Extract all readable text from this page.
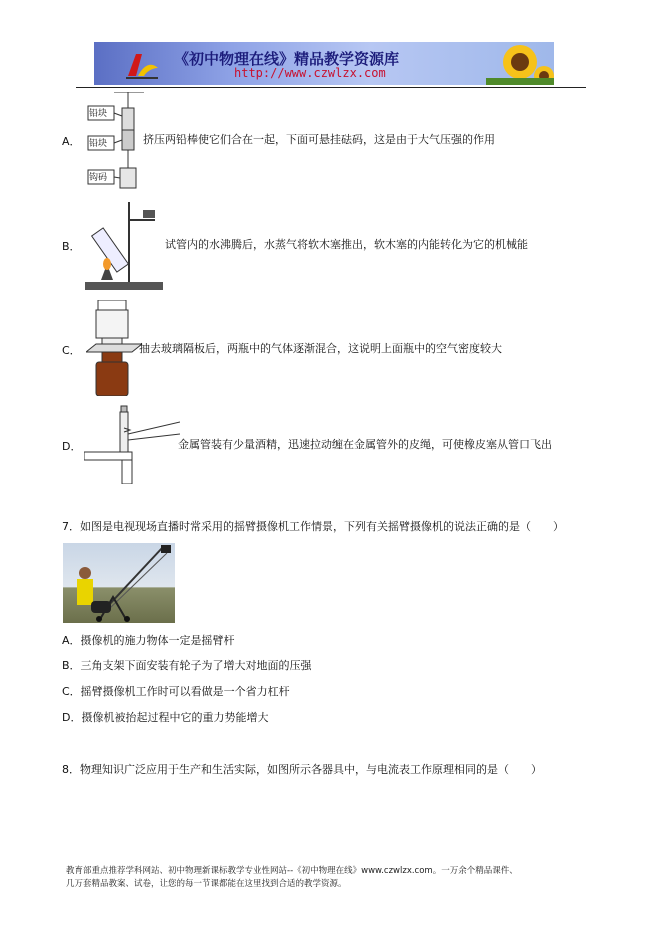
《初中物理在线》精品教学资源库
http://www.czwlzx.com
铅块
铅块
钩码
A．	挤压两铅棒使它们合在一起，下面可悬挂砝码，这是由于大气压强的作用
B．	试管内的水沸腾后，水蒸气将软木塞推出，软木塞的内能转化为它的机械能
C．	抽去玻璃隔板后，两瓶中的气体逐渐混合，这说明上面瓶中的空气密度较大
D．	金属管装有少量酒精，迅速拉动缠在金属管外的皮绳，可使橡皮塞从管口飞出
7．如图是电视现场直播时常采用的摇臂摄像机工作情景，下列有关摇臂摄像机的说法正确的是（　　）
A．摄像机的施力物体一定是摇臂杆
B．三角支架下面安装有轮子为了增大对地面的压强
C．摇臂摄像机工作时可以看做是一个省力杠杆
D．摄像机被抬起过程中它的重力势能增大
8．物理知识广泛应用于生产和生活实际，如图所示各器具中，与电流表工作原理相同的是（　　）
教育部重点推荐学科网站、初中物理新课标教学专业性网站--《初中物理在线》www.czwlzx.com。一万余个精品课件、
几万套精品教案、试卷，让您的每一节课都能在这里找到合适的教学资源。
